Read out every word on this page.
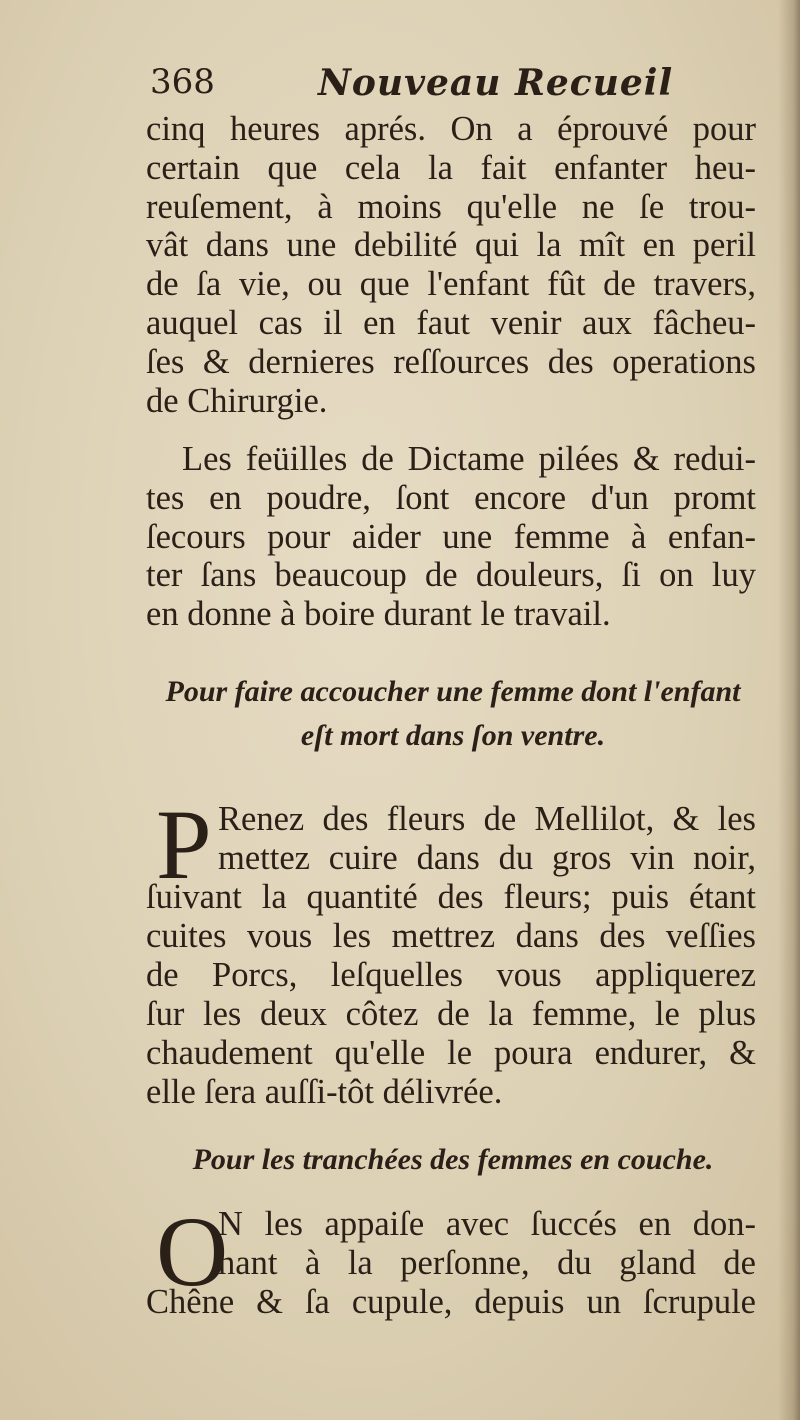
368	Nouveau Recueil
cinq heures aprés. On a éprouvé pour
certain que cela la fait enfanter heu-
reuſement, à moins qu'elle ne ſe trou-
vât dans une debilité qui la mît en peril
de ſa vie, ou que l'enfant fût de travers,
auquel cas il en faut venir aux fâcheu-
ſes & dernieres reſſources des operations
de Chirurgie.
Les feüilles de Dictame pilées & redui-
tes en poudre, ſont encore d'un promt
ſecours pour aider une femme à enfan-
ter ſans beaucoup de douleurs, ſi on luy
en donne à boire durant le travail.
Pour faire accoucher une femme dont l'enfant
eſt mort dans ſon ventre.
P Renez des fleurs de Mellilot, & les
mettez cuire dans du gros vin noir,
ſuivant la quantité des fleurs; puis étant
cuites vous les mettrez dans des veſſies
de Porcs, leſquelles vous appliquerez
ſur les deux côtez de la femme, le plus
chaudement qu'elle le poura endurer, &
elle ſera auſſi-tôt délivrée.
Pour les tranchées des femmes en couche.
O
N les appaiſe avec ſuccés en don-
nant à la perſonne, du gland de
Chêne & ſa cupule, depuis un ſcrupule
